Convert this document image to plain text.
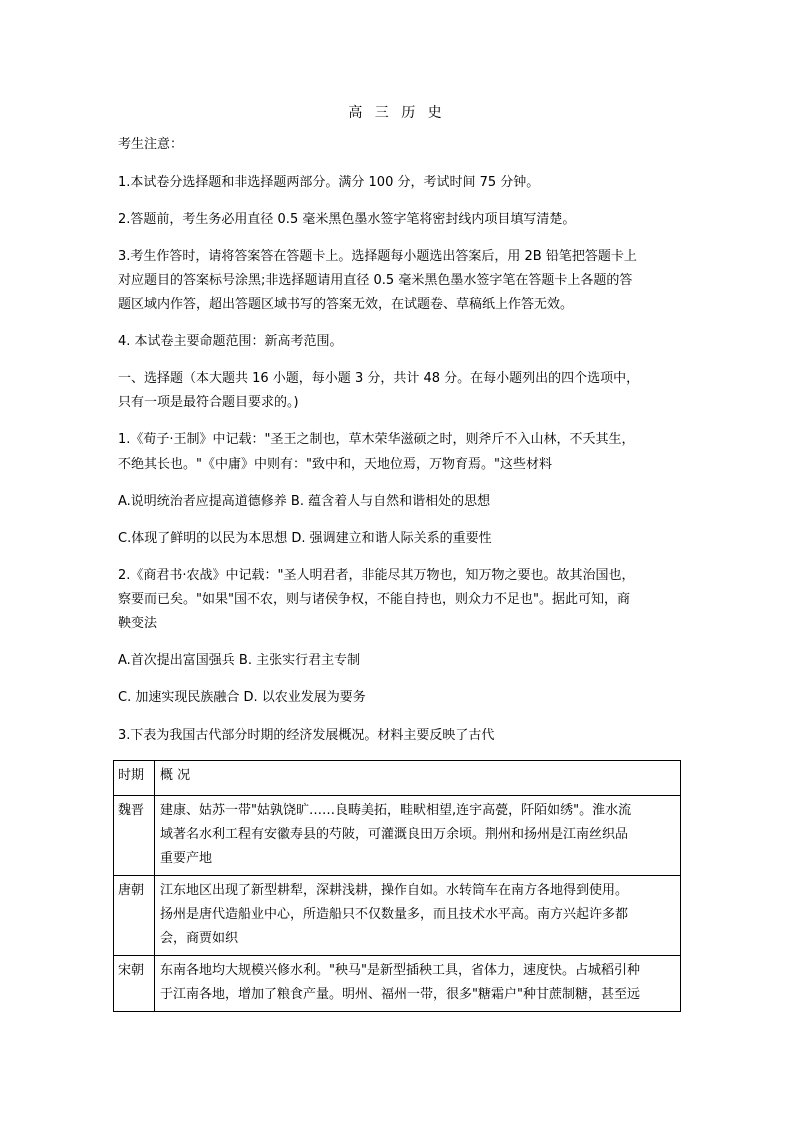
高 三 历 史
考生注意：
1.本试卷分选择题和非选择题两部分。满分 100 分，考试时间 75 分钟。
2.答题前，考生务必用直径 0.5 毫米黑色墨水签字笔将密封线内项目填写清楚。
3.考生作答时，请将答案答在答题卡上。选择题每小题选出答案后，用 2B 铅笔把答题卡上
对应题目的答案标号涂黑;非选择题请用直径 0.5 毫米黑色墨水签字笔在答题卡上各题的答
题区域内作答，超出答题区域书写的答案无效，在试题卷、草稿纸上作答无效。
4. 本试卷主要命题范围：新高考范围。
一、选择题（本大题共 16 小题，每小题 3 分，共计 48 分。在每小题列出的四个选项中，
只有一项是最符合题目要求的。)
1.《荀子·王制》中记载："圣王之制也，草木荣华滋硕之时，则斧斤不入山林，不夭其生，
不绝其长也。"《中庸》中则有："致中和，天地位焉，万物育焉。"这些材料
A.说明统治者应提高道德修养 B. 蕴含着人与自然和谐相处的思想
C.体现了鲜明的以民为本思想 D. 强调建立和谐人际关系的重要性
2.《商君书·农战》中记载："圣人明君者，非能尽其万物也，知万物之要也。故其治国也，
察要而已矣。"如果"国不农，则与诸侯争权，不能自持也，则众力不足也"。据此可知，商
鞅变法
A.首次提出富国强兵 B. 主张实行君主专制
C. 加速实现民族融合 D. 以农业发展为要务
3.下表为我国古代部分时期的经济发展概况。材料主要反映了古代
时期	概 况
魏晋	建康、姑苏一带"姑孰饶旷……良畴美拓，畦畎相望,连宇高甍，阡陌如绣"。淮水流
域著名水利工程有安徽寿县的芍陂，可灌溉良田万余顷。荆州和扬州是江南丝织品
重要产地

唐朝	江东地区出现了新型耕犁，深耕浅耕，操作自如。水转筒车在南方各地得到使用。
扬州是唐代造船业中心，所造船只不仅数量多，而且技术水平高。南方兴起许多都
会，商贾如织

宋朝	东南各地均大规模兴修水利。"秧马"是新型插秧工具，省体力，速度快。占城稻引种
于江南各地，增加了粮食产量。明州、福州一带，很多"糖霜户"种甘蔗制糖，甚至远
